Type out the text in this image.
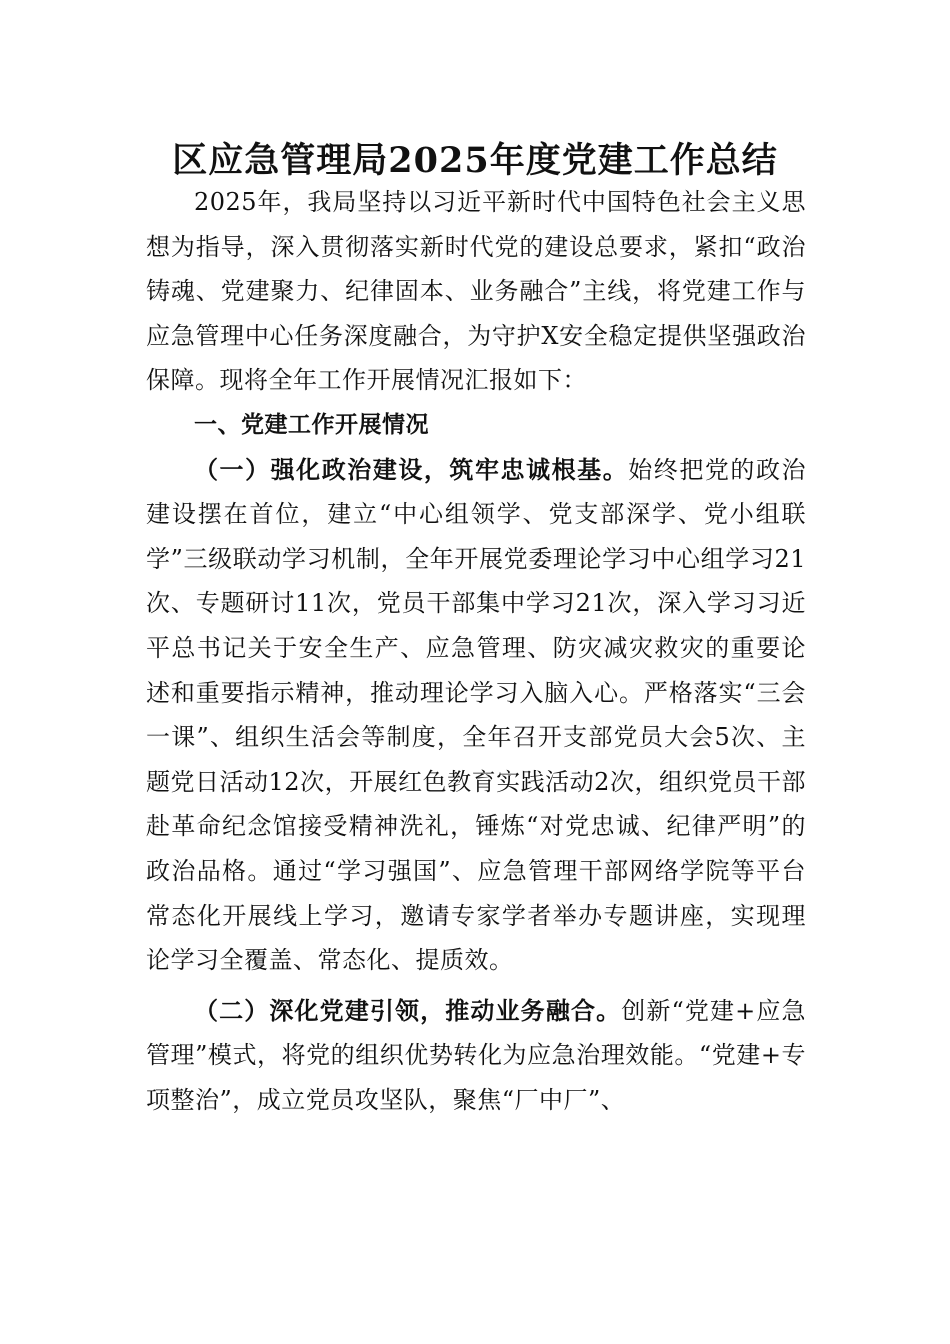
区应急管理局2025年度党建工作总结

2025年，我局坚持以习近平新时代中国特色社会主义思想为指导，深入贯彻落实新时代党的建设总要求，紧扣“政治铸魂、党建聚力、纪律固本、业务融合”主线，将党建工作与应急管理中心任务深度融合，为守护X安全稳定提供坚强政治保障。现将全年工作开展情况汇报如下：

一、党建工作开展情况

（一）强化政治建设，筑牢忠诚根基。始终把党的政治建设摆在首位，建立“中心组领学、党支部深学、党小组联学”三级联动学习机制，全年开展党委理论学习中心组学习21次、专题研讨11次，党员干部集中学习21次，深入学习习近平总书记关于安全生产、应急管理、防灾减灾救灾的重要论述和重要指示精神，推动理论学习入脑入心。严格落实“三会一课”、组织生活会等制度，全年召开支部党员大会5次、主题党日活动12次，开展红色教育实践活动2次，组织党员干部赴革命纪念馆接受精神洗礼，锤炼“对党忠诚、纪律严明”的政治品格。通过“学习强国”、应急管理干部网络学院等平台常态化开展线上学习，邀请专家学者举办专题讲座，实现理论学习全覆盖、常态化、提质效。

（二）深化党建引领，推动业务融合。创新“党建+应急管理”模式，将党的组织优势转化为应急治理效能。“党建+专项整治”，成立党员攻坚队，聚焦“厂中厂”、
